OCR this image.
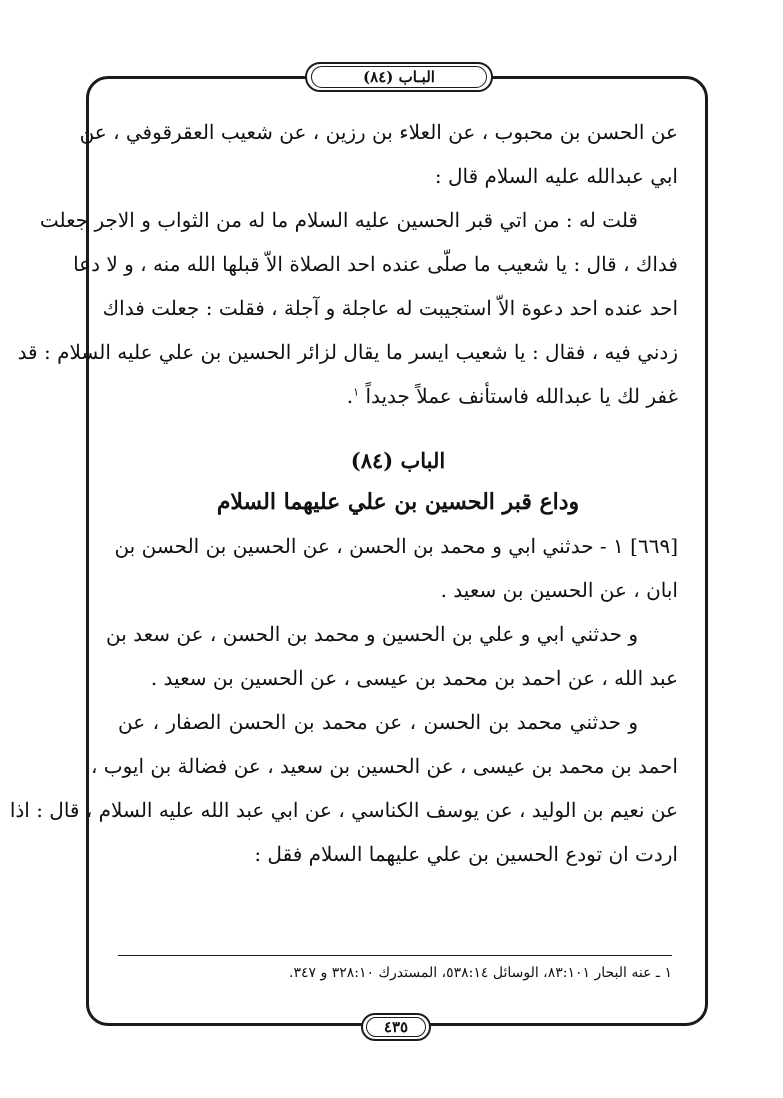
البـاب (٨٤)
عن الحسن بن محبوب ، عن العلاء بن رزين ، عن شعيب العقرقوفي ، عن
ابي عبدالله عليه السلام قال :
قلت له : من اتي قبر الحسين عليه السلام ما له من الثواب و الاجر جعلت
فداك ، قال : يا شعيب ما صلّى عنده احد الصلاة الاّ قبلها الله منه ، و لا دعا
احد عنده احد دعوة الاّ استجيبت له عاجلة و آجلة ، فقلت : جعلت فداك
زدني فيه ، فقال : يا شعيب ايسر ما يقال لزائر الحسين بن علي عليه السلام : قد
غفر لك يا عبدالله فاستأنف عملاً جديداً $^١$.
الباب (٨٤)
وداع قبر الحسين بن علي عليهما السلام
[٦٦٩] ١ - حدثني ابي و محمد بن الحسن ، عن الحسين بن الحسن بن
ابان ، عن الحسين بن سعيد .
و حدثني ابي و علي بن الحسين و محمد بن الحسن ، عن سعد بن
عبد الله ، عن احمد بن محمد بن عيسى ، عن الحسين بن سعيد .
و حدثني محمد بن الحسن ، عن محمد بن الحسن الصفار ، عن
احمد بن محمد بن عيسى ، عن الحسين بن سعيد ، عن فضالة بن ايوب ،
عن نعيم بن الوليد ، عن يوسف الكناسي ، عن ابي عبد الله عليه السلام ، قال : اذا
اردت ان تودع الحسين بن علي عليهما السلام فقل :
١ ـ عنه البحار ٨٣:١٠١، الوسائل ٥٣٨:١٤، المستدرك ٣٢٨:١٠ و ٣٤٧.
٤٣٥
